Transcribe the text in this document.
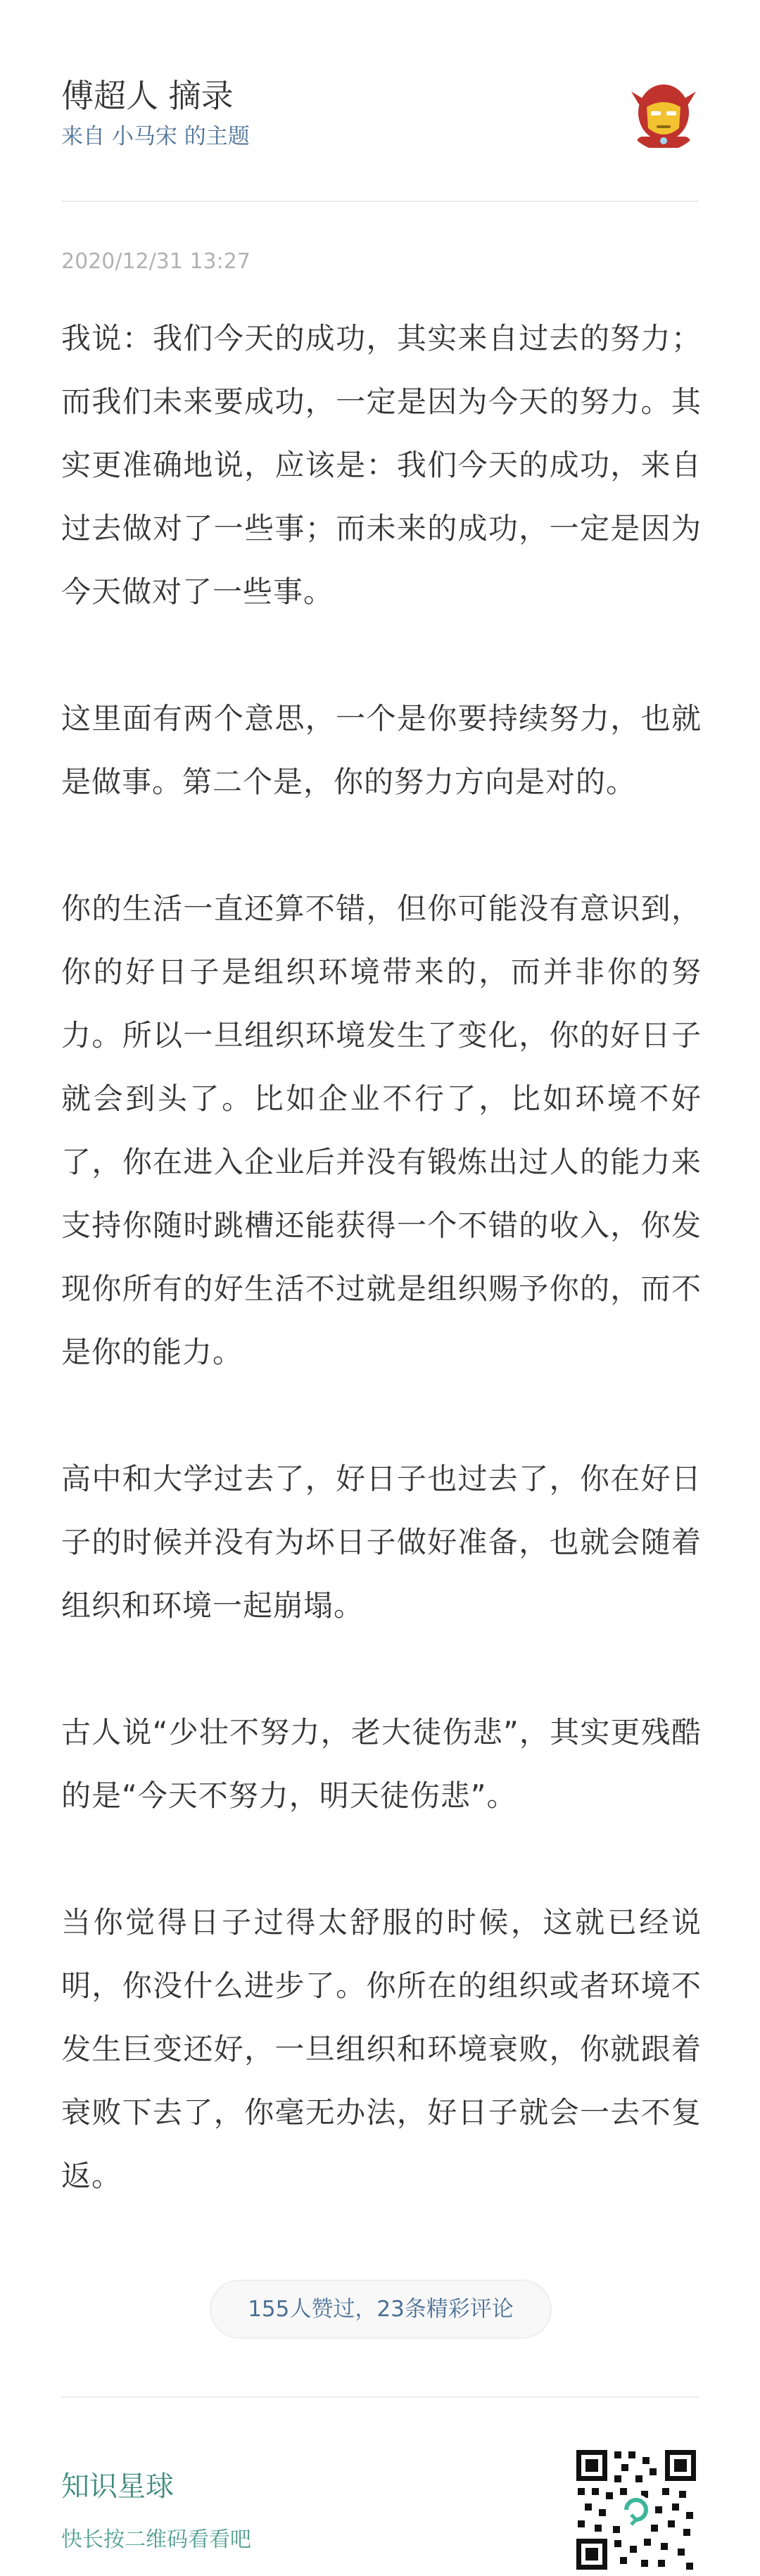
傅超人 摘录
来自 小马宋 的主题
2020/12/31 13:27

我说：我们今天的成功，其实来自过去的努力；而我们未来要成功，一定是因为今天的努力。其实更准确地说，应该是：我们今天的成功，来自过去做对了一些事；而未来的成功，一定是因为今天做对了一些事。

这里面有两个意思，一个是你要持续努力，也就是做事。第二个是，你的努力方向是对的。

你的生活一直还算不错，但你可能没有意识到，你的好日子是组织环境带来的，而并非你的努力。所以一旦组织环境发生了变化，你的好日子就会到头了。比如企业不行了，比如环境不好了，你在进入企业后并没有锻炼出过人的能力来支持你随时跳槽还能获得一个不错的收入，你发现你所有的好生活不过就是组织赐予你的，而不是你的能力。

高中和大学过去了，好日子也过去了，你在好日子的时候并没有为坏日子做好准备，也就会随着组织和环境一起崩塌。

古人说“少壮不努力，老大徒伤悲”，其实更残酷的是“今天不努力，明天徒伤悲”。

当你觉得日子过得太舒服的时候，这就已经说明，你没什么进步了。你所在的组织或者环境不发生巨变还好，一旦组织和环境衰败，你就跟着衰败下去了，你毫无办法，好日子就会一去不复返。

155人赞过，23条精彩评论
知识星球
快长按二维码看看吧
